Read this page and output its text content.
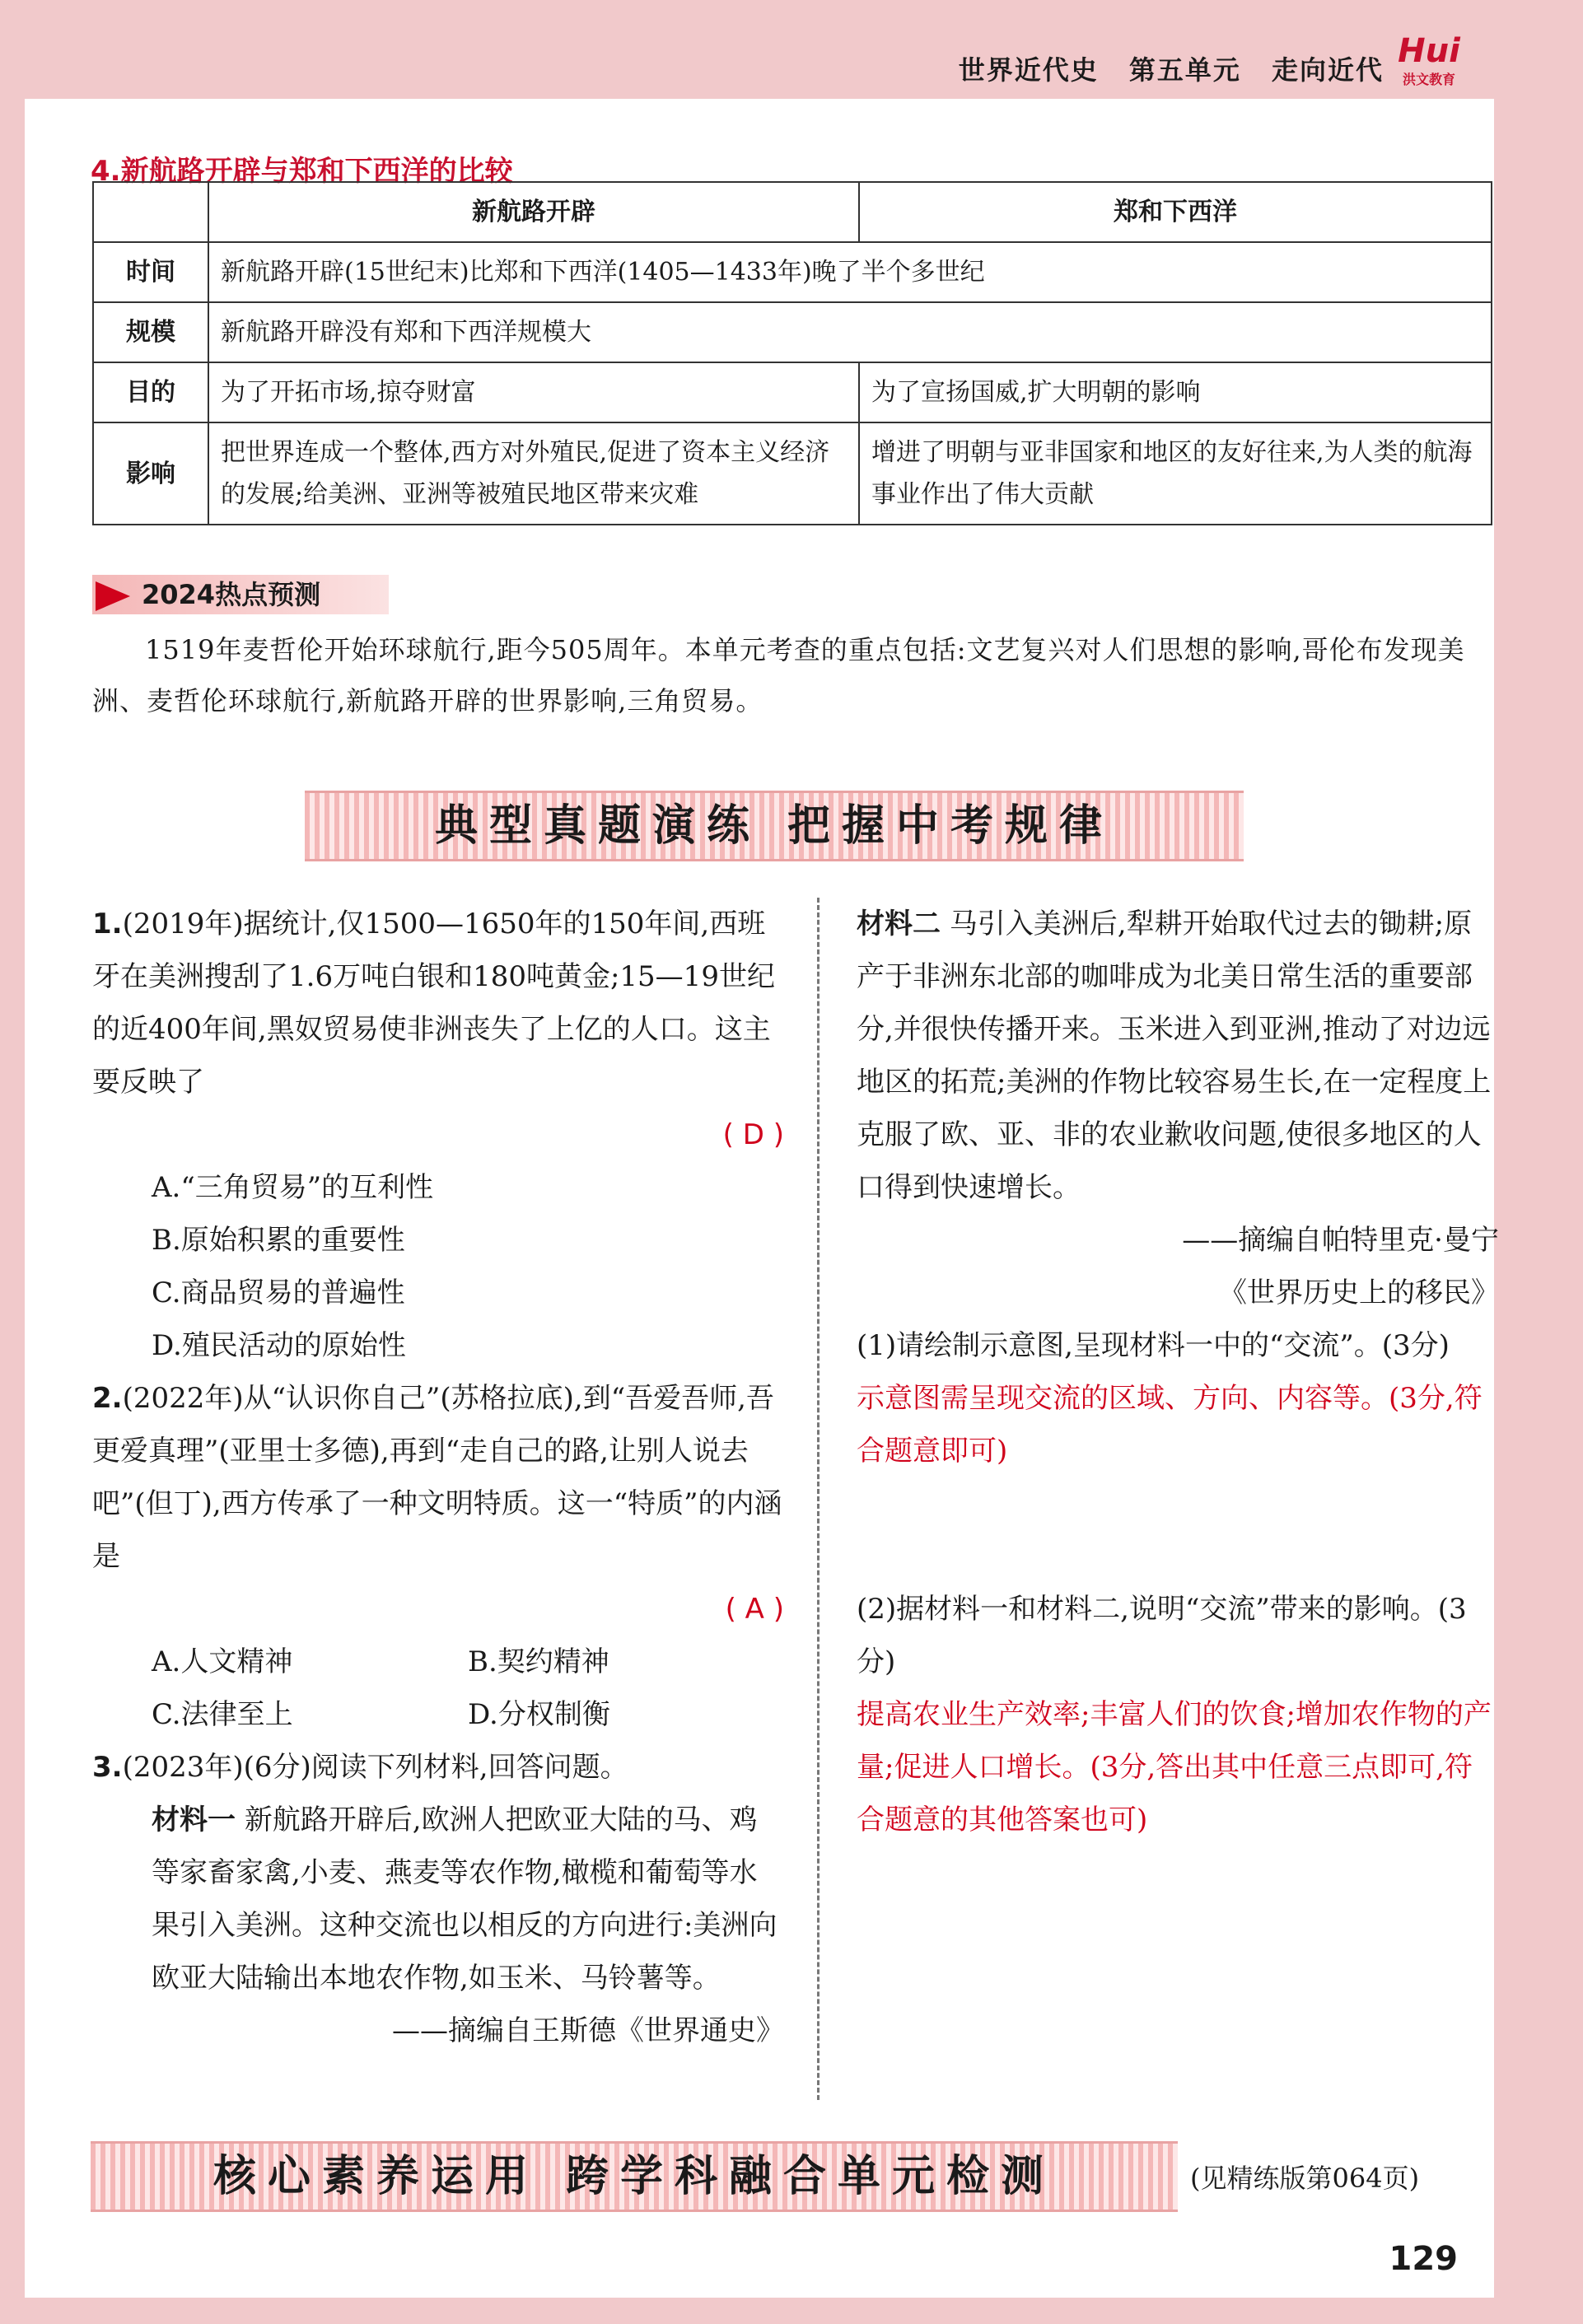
世界近代史 第五单元 走向近代 Hui
洪文教育
4.新航路开辟与郑和下西洋的比较
	新航路开辟	郑和下西洋
时间	新航路开辟(15世纪末)比郑和下西洋(1405—1433年)晚了半个多世纪	
规模	新航路开辟没有郑和下西洋规模大	
目的	为了开拓市场,掠夺财富	为了宣扬国威,扩大明朝的影响
影响	把世界连成一个整体,西方对外殖民,促进了资本主义经济的发展;给美洲、亚洲等被殖民地区带来灾难	增进了明朝与亚非国家和地区的友好往来,为人类的航海事业作出了伟大贡献
2024热点预测
1519年麦哲伦开始环球航行,距今505周年。本单元考查的重点包括:文艺复兴对人们思想的影响,哥伦布发现美洲、麦哲伦环球航行,新航路开辟的世界影响,三角贸易。
典型真题演练 把握中考规律
1.(2019年)据统计,仅1500—1650年的150年间,西班牙在美洲搜刮了1.6万吨白银和180吨黄金;15—19世纪的近400年间,黑奴贸易使非洲丧失了上亿的人口。这主要反映了
( D )
A.“三角贸易”的互利性
B.原始积累的重要性
C.商品贸易的普遍性
D.殖民活动的原始性
2.(2022年)从“认识你自己”(苏格拉底),到“吾爱吾师,吾更爱真理”(亚里士多德),再到“走自己的路,让别人说去吧”(但丁),西方传承了一种文明特质。这一“特质”的内涵是
( A )
A.人文精神	B.契约精神
C.法律至上	D.分权制衡
3.(2023年)(6分)阅读下列材料,回答问题。
材料一 新航路开辟后,欧洲人把欧亚大陆的马、鸡等家畜家禽,小麦、燕麦等农作物,橄榄和葡萄等水果引入美洲。这种交流也以相反的方向进行:美洲向欧亚大陆输出本地农作物,如玉米、马铃薯等。
——摘编自王斯德《世界通史》
材料二 马引入美洲后,犁耕开始取代过去的锄耕;原产于非洲东北部的咖啡成为北美日常生活的重要部分,并很快传播开来。玉米进入到亚洲,推动了对边远地区的拓荒;美洲的作物比较容易生长,在一定程度上克服了欧、亚、非的农业歉收问题,使很多地区的人口得到快速增长。
——摘编自帕特里克·曼宁
《世界历史上的移民》
(1)请绘制示意图,呈现材料一中的“交流”。(3分)
示意图需呈现交流的区域、方向、内容等。(3分,符合题意即可)
(2)据材料一和材料二,说明“交流”带来的影响。(3分)
提高农业生产效率;丰富人们的饮食;增加农作物的产量;促进人口增长。(3分,答出其中任意三点即可,符合题意的其他答案也可)
核心素养运用 跨学科融合单元检测	(见精练版第064页)
129
